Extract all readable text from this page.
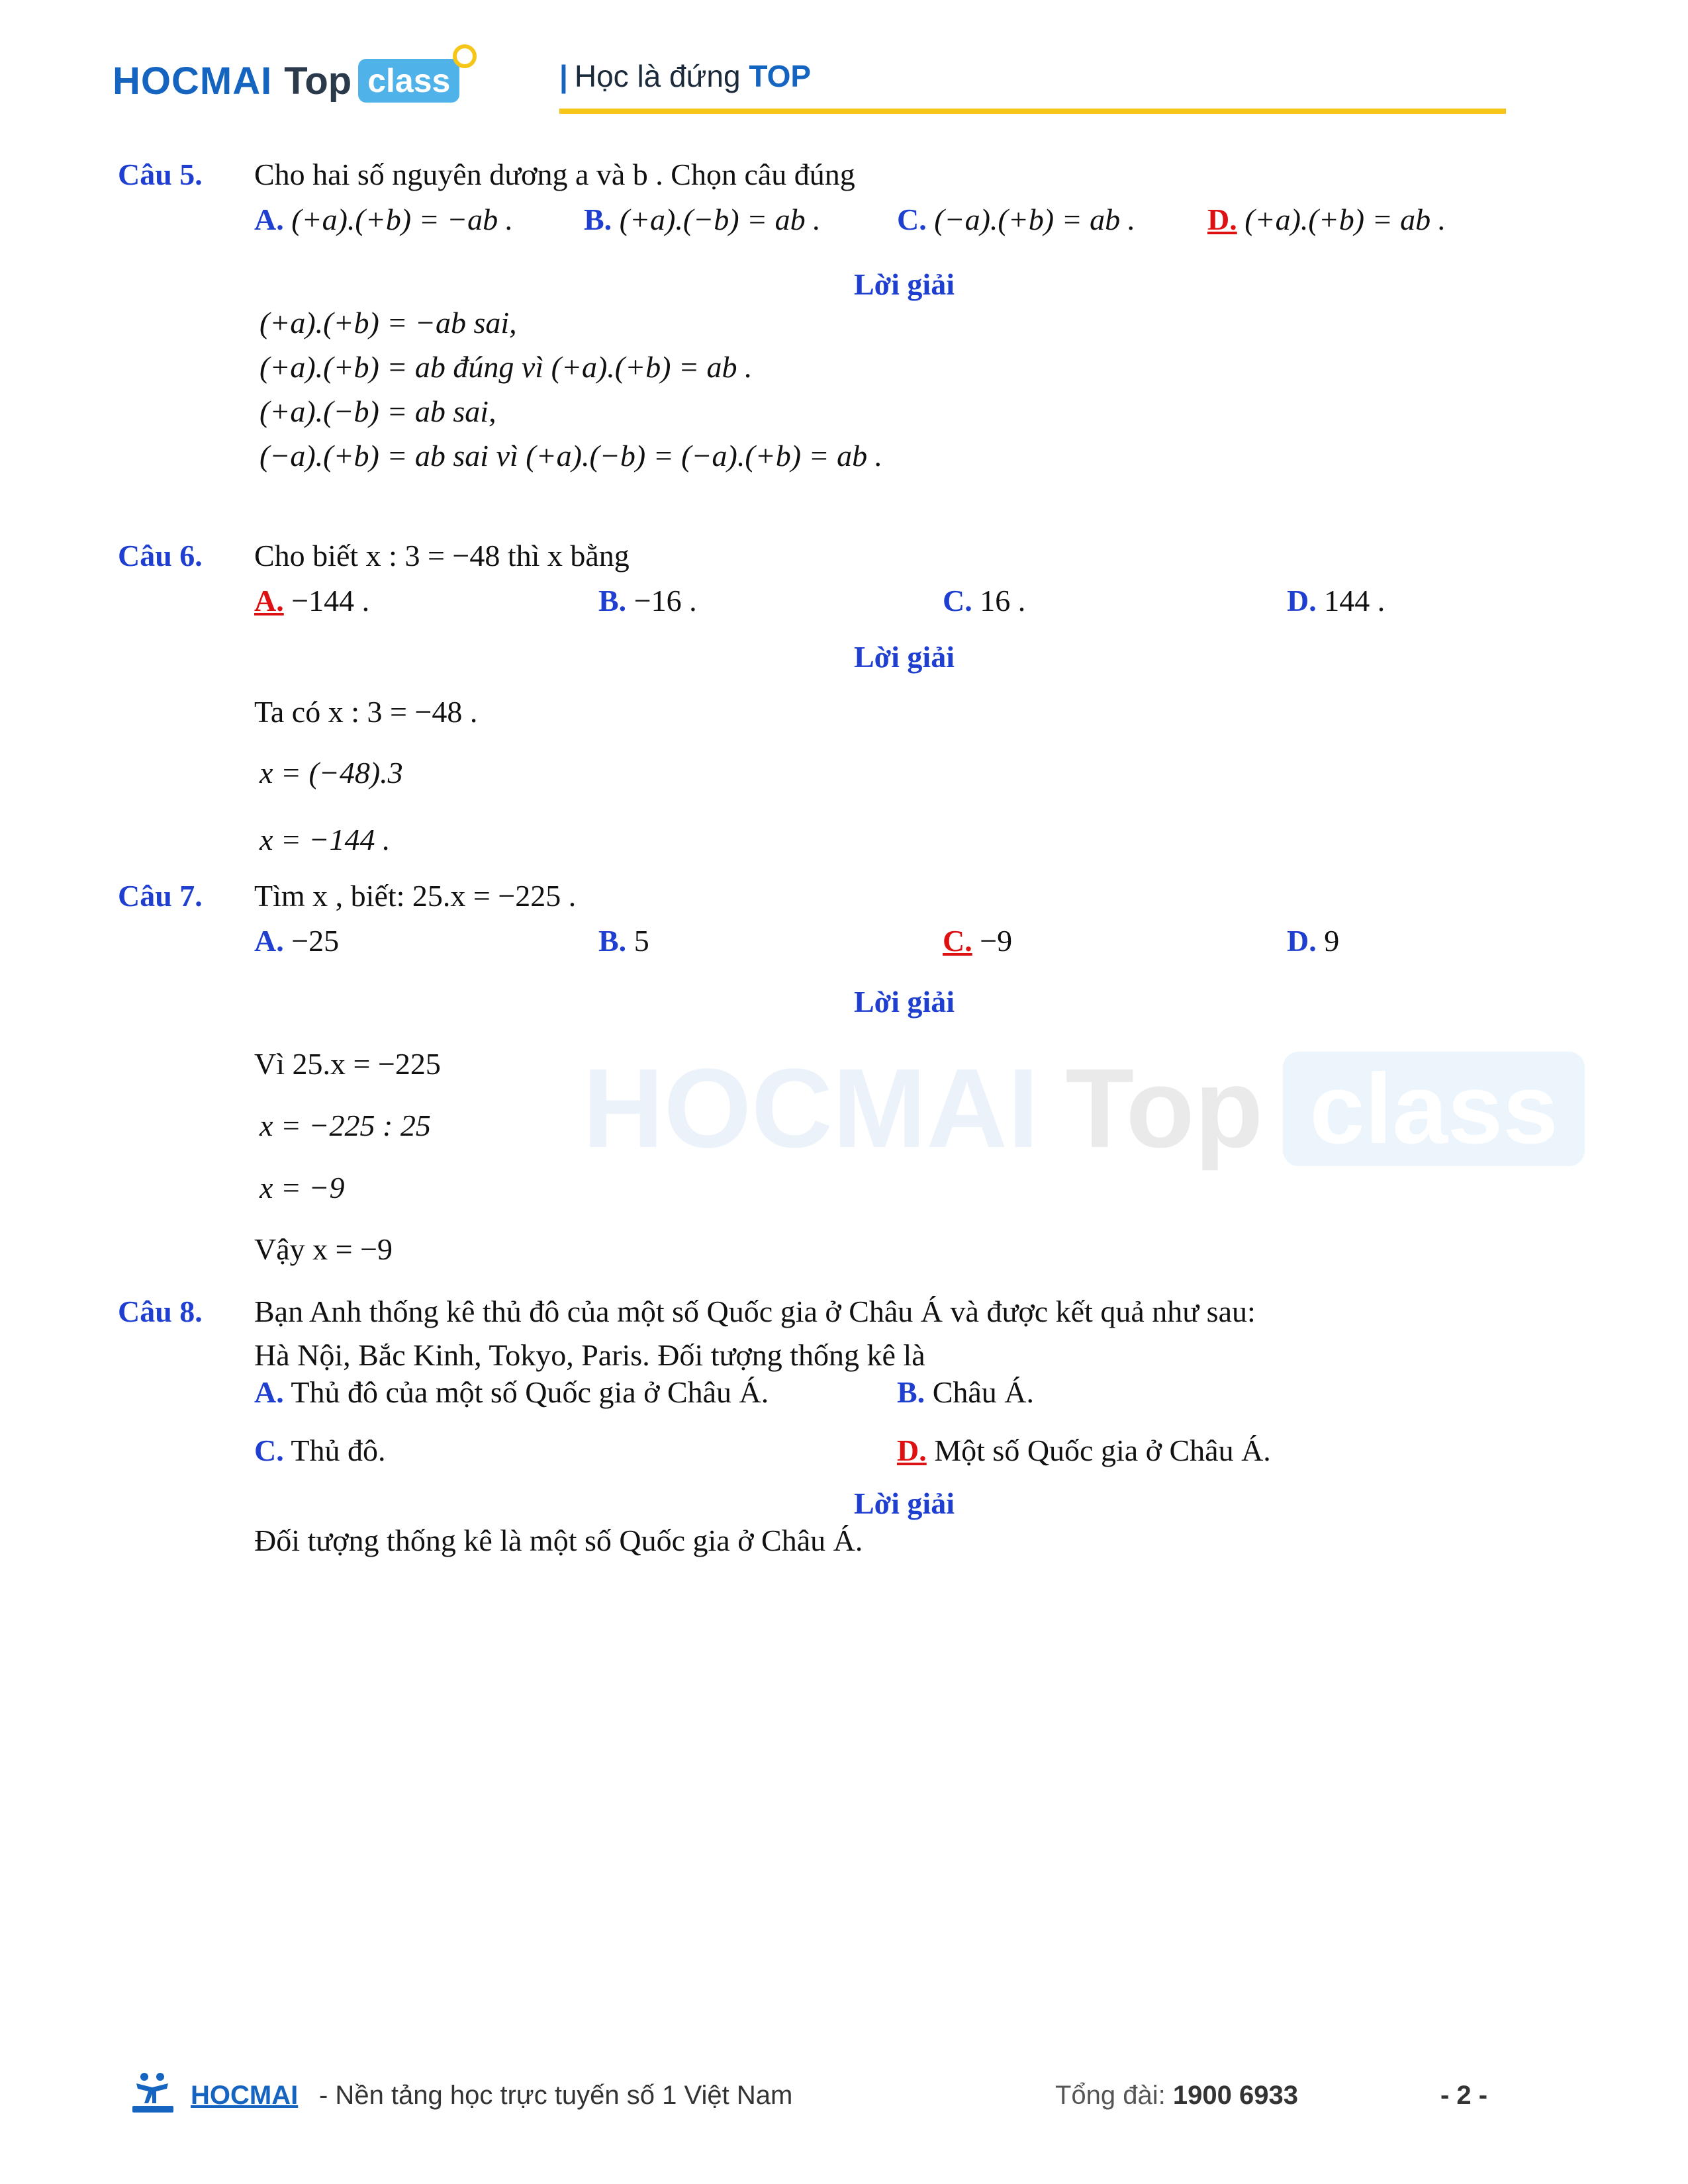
HOCMAI Top class	| Học là đứng TOP
HOCMAI Top class
Câu 5. Cho hai số nguyên dương a và b . Chọn câu đúng
A. (+a).(+b) = −ab . B. (+a).(−b) = ab .	C. (−a).(+b) = ab . D. (+a).(+b) = ab .
Lời giải
(+a).(+b) = −ab sai,
(+a).(+b) = ab đúng vì (+a).(+b) = ab .
(+a).(−b) = ab sai,
(−a).(+b) = ab sai vì (+a).(−b) = (−a).(+b) = ab .
Câu 6. Cho biết x : 3 = −48 thì x bằng
A. −144 .	B. −16 .	C. 16 .	D. 144 .
Lời giải
Ta có x : 3 = −48 .
x = (−48).3
x = −144 .
Câu 7. Tìm x , biết: 25.x = −225 .
A. −25	B. 5	C. −9	D. 9
Lời giải
Vì 25.x = −225
x = −225 : 25
x = −9
Vậy x = −9
Câu 8. Bạn Anh thống kê thủ đô của một số Quốc gia ở Châu Á và được kết quả như sau:
Hà Nội, Bắc Kinh, Tokyo, Paris. Đối tượng thống kê là
A. Thủ đô của một số Quốc gia ở Châu Á.	B. Châu Á.
C. Thủ đô.	D. Một số Quốc gia ở Châu Á.
Lời giải
Đối tượng thống kê là một số Quốc gia ở Châu Á.
HOCMAI - Nền tảng học trực tuyến số 1 Việt Nam	Tổng đài: 1900 6933	- 2 -
